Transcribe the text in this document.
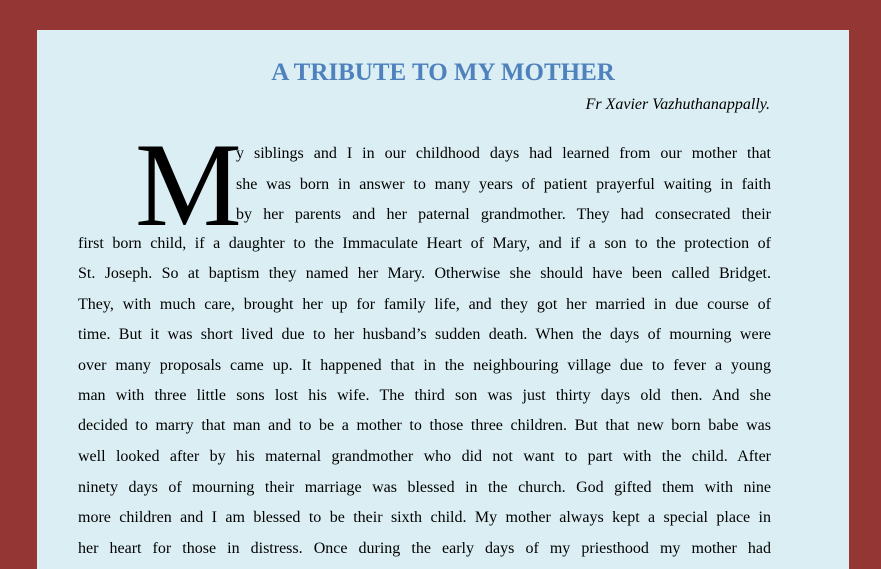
A TRIBUTE TO MY MOTHER
Fr Xavier Vazhuthanappally.
M
y siblings and I in our childhood days had learned from our mother that
she was born in answer to many years of patient prayerful waiting in faith
by her parents and her paternal grandmother. They had consecrated their
first born child, if a daughter to the Immaculate Heart of Mary, and if a son to the protection of
St. Joseph. So at baptism they named her Mary. Otherwise she should have been called Bridget.
They, with much care, brought her up for family life, and they got her married in due course of
time. But it was short lived due to her husband’s sudden death. When the days of mourning were
over many proposals came up. It happened that in the neighbouring village due to fever a young
man with three little sons lost his wife. The third son was just thirty days old then. And she
decided to marry that man and to be a mother to those three children. But that new born babe was
well looked after by his maternal grandmother who did not want to part with the child. After
ninety days of mourning their marriage was blessed in the church. God gifted them with nine
more children and I am blessed to be their sixth child. My mother always kept a special place in
her heart for those in distress. Once during the early days of my priesthood my mother had
